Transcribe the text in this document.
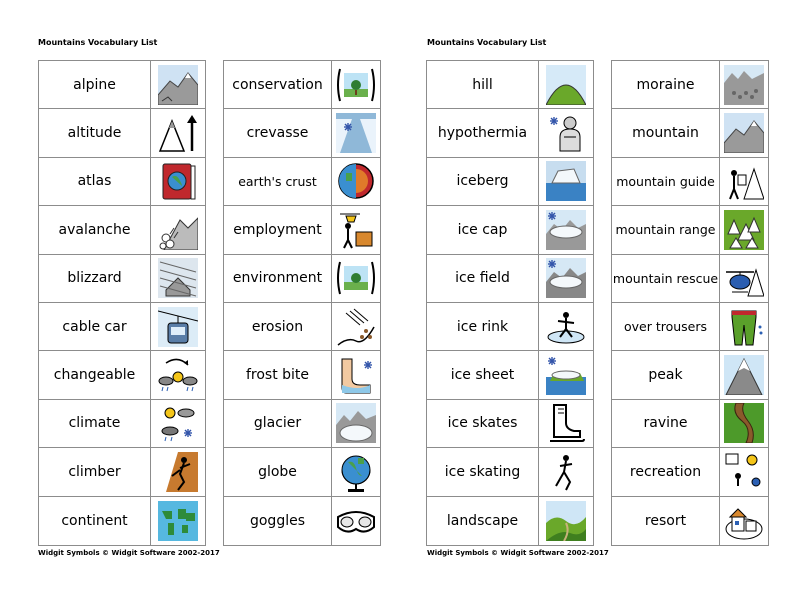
Mountains Vocabulary List	Mountains Vocabulary List
alpine
altitude
atlas
avalanche
blizzard
cable car
changeable
climate
climber
continent
conservation
crevasse
earth's crust
employment
environment
erosion
frost bite
glacier
globe
goggles
hill
hypothermia
iceberg
ice cap
ice field
ice rink
ice sheet
ice skates
ice skating
landscape
moraine
mountain
mountain guide
mountain range
mountain rescue
over trousers
peak
ravine
recreation
resort
Widgit Symbols © Widgit Software 2002-2017	Widgit Symbols © Widgit Software 2002-2017
